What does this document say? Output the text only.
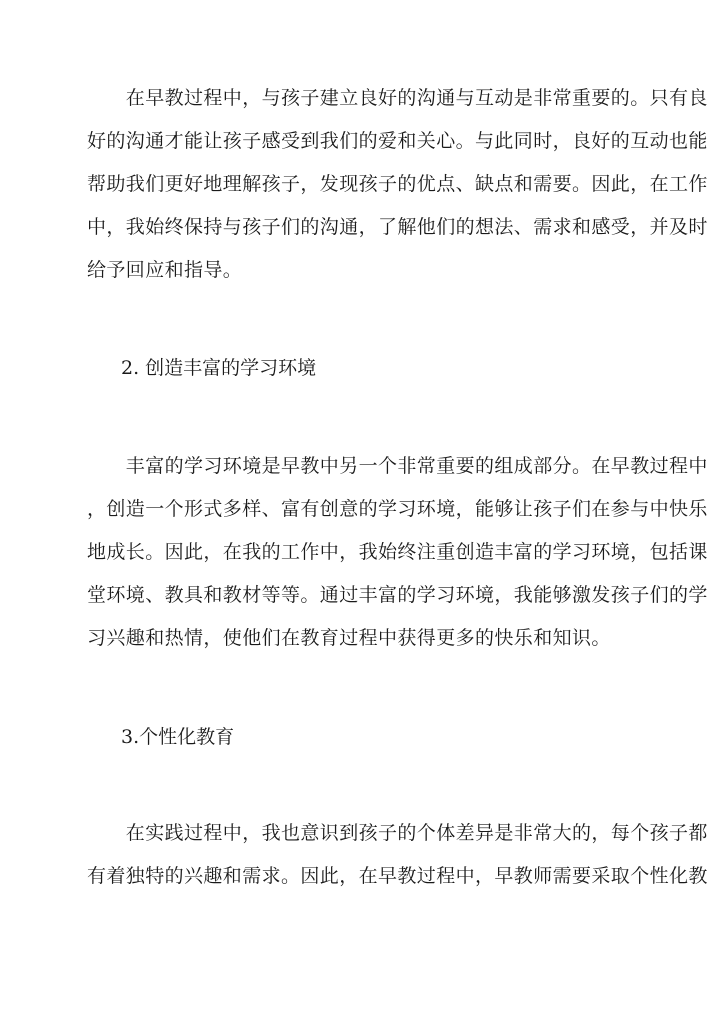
　　在早教过程中，与孩子建立良好的沟通与互动是非常重要的。只有良
好的沟通才能让孩子感受到我们的爱和关心。与此同时，良好的互动也能
帮助我们更好地理解孩子，发现孩子的优点、缺点和需要。因此，在工作
中，我始终保持与孩子们的沟通，了解他们的想法、需求和感受，并及时
给予回应和指导。
2. 创造丰富的学习环境
　　丰富的学习环境是早教中另一个非常重要的组成部分。在早教过程中
，创造一个形式多样、富有创意的学习环境，能够让孩子们在参与中快乐
地成长。因此，在我的工作中，我始终注重创造丰富的学习环境，包括课
堂环境、教具和教材等等。通过丰富的学习环境，我能够激发孩子们的学
习兴趣和热情，使他们在教育过程中获得更多的快乐和知识。
3.个性化教育
　　在实践过程中，我也意识到孩子的个体差异是非常大的，每个孩子都
有着独特的兴趣和需求。因此，在早教过程中，早教师需要采取个性化教
